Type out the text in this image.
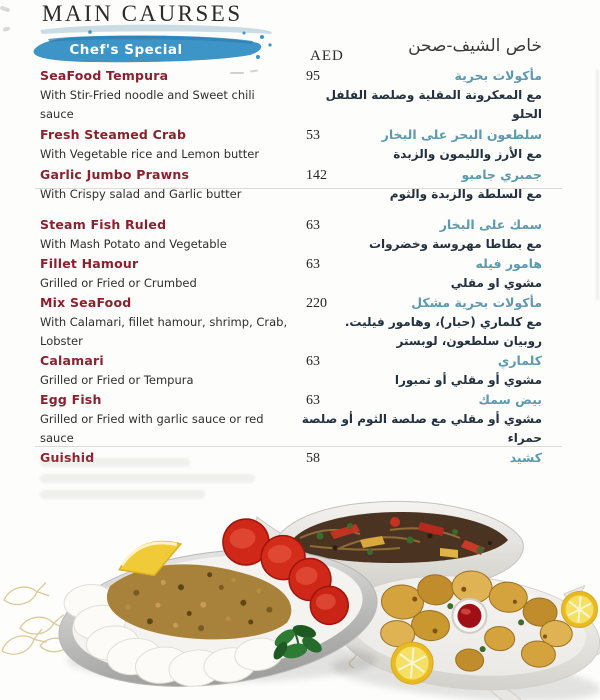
MAIN CAURSES
Chef's Special	خاص الشيف-صحن
AED
SeaFood Tempura	95	مأكولات بحرية
With Stir-Fried noodle and Sweet chili sauce
مع المعكرونة المقلية وصلصة الفلفل الحلو
Fresh Steamed Crab	53	سلطعون البحر على البخار
With Vegetable rice and Lemon butter	مع الأرز والليمون والزبدة
Garlic Jumbo Prawns	142	جمبري جامبو
With Crispy salad and Garlic butter	مع السلطة والزبدة والثوم
Steam Fish Ruled	63	سمك على البخار
With Mash Potato and Vegetable	مع بطاطا مهروسة وخضروات
Fillet Hamour	63	هامور فيله
Grilled or Fried or Crumbed	مشوي او مقلي
Mix SeaFood	220	مأكولات بحرية مشكل
With Calamari, fillet hamour, shrimp, Crab, Lobster
مع كلماري (حبار)، وهامور فيليت. روبيان سلطعون، لوبستر
Calamari	63	كلماري
Grilled or Fried or Tempura	مشوي أو مقلي أو تمبورا
Egg Fish	63	بيض سمك
Grilled or Fried with garlic sauce or red sauce
مشوي أو مقلي مع صلصة الثوم أو صلصة حمراء
Guishid	58	كشيد
